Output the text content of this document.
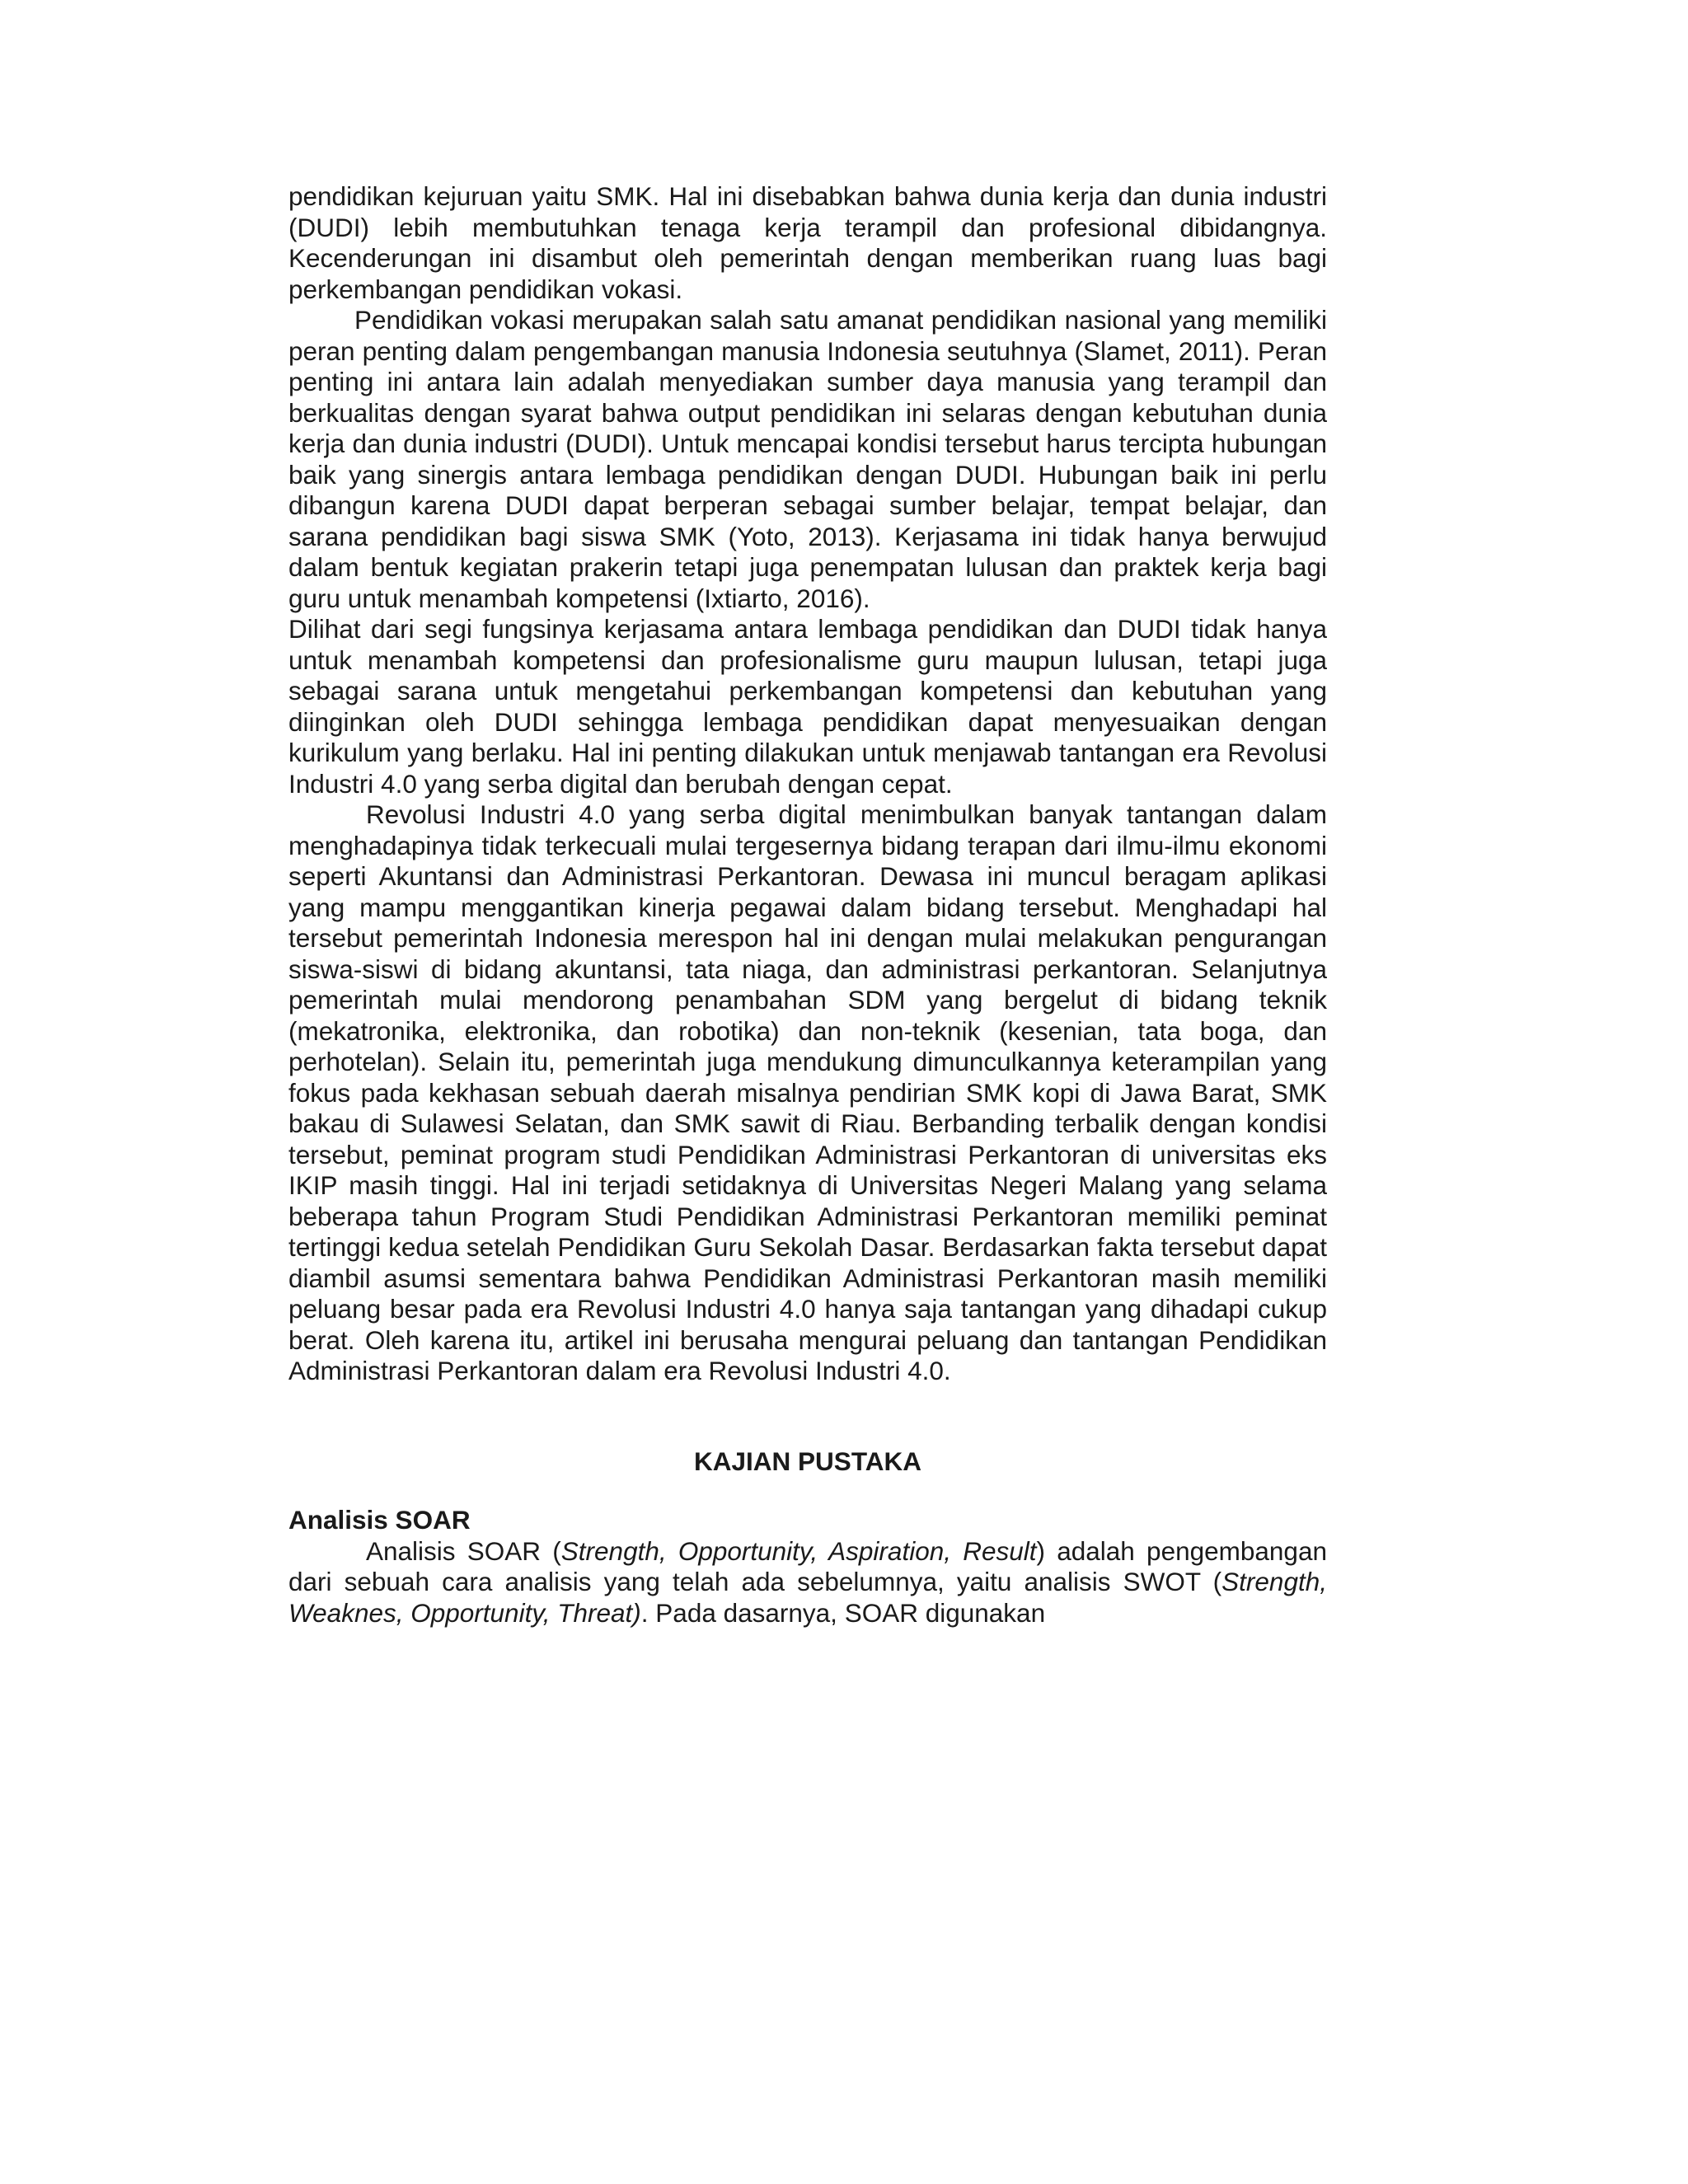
pendidikan kejuruan yaitu SMK. Hal ini disebabkan bahwa dunia kerja dan dunia industri (DUDI) lebih membutuhkan tenaga kerja terampil dan profesional dibidangnya. Kecenderungan ini disambut oleh pemerintah dengan memberikan ruang luas bagi perkembangan pendidikan vokasi.

Pendidikan vokasi merupakan salah satu amanat pendidikan nasional yang memiliki peran penting dalam pengembangan manusia Indonesia seutuhnya (Slamet, 2011). Peran penting ini antara lain adalah menyediakan sumber daya manusia yang terampil dan berkualitas dengan syarat bahwa output pendidikan ini selaras dengan kebutuhan dunia kerja dan dunia industri (DUDI). Untuk mencapai kondisi tersebut harus tercipta hubungan baik yang sinergis antara lembaga pendidikan dengan DUDI. Hubungan baik ini perlu dibangun karena DUDI dapat berperan sebagai sumber belajar, tempat belajar, dan sarana pendidikan bagi siswa SMK (Yoto, 2013). Kerjasama ini tidak hanya berwujud dalam bentuk kegiatan prakerin tetapi juga penempatan lulusan dan praktek kerja bagi guru untuk menambah kompetensi (Ixtiarto, 2016).

Dilihat dari segi fungsinya kerjasama antara lembaga pendidikan dan DUDI tidak hanya untuk menambah kompetensi dan profesionalisme guru maupun lulusan, tetapi juga sebagai sarana untuk mengetahui perkembangan kompetensi dan kebutuhan yang diinginkan oleh DUDI sehingga lembaga pendidikan dapat menyesuaikan dengan kurikulum yang berlaku. Hal ini penting dilakukan untuk menjawab tantangan era Revolusi Industri 4.0 yang serba digital dan berubah dengan cepat.

Revolusi Industri 4.0 yang serba digital menimbulkan banyak tantangan dalam menghadapinya tidak terkecuali mulai tergesernya bidang terapan dari ilmu-ilmu ekonomi seperti Akuntansi dan Administrasi Perkantoran. Dewasa ini muncul beragam aplikasi yang mampu menggantikan kinerja pegawai dalam bidang tersebut. Menghadapi hal tersebut pemerintah Indonesia merespon hal ini dengan mulai melakukan pengurangan siswa-siswi di bidang akuntansi, tata niaga, dan administrasi perkantoran. Selanjutnya pemerintah mulai mendorong penambahan SDM yang bergelut di bidang teknik (mekatronika, elektronika, dan robotika) dan non-teknik (kesenian, tata boga, dan perhotelan). Selain itu, pemerintah juga mendukung dimunculkannya keterampilan yang fokus pada kekhasan sebuah daerah misalnya pendirian SMK kopi di Jawa Barat, SMK bakau di Sulawesi Selatan, dan SMK sawit di Riau. Berbanding terbalik dengan kondisi tersebut, peminat program studi Pendidikan Administrasi Perkantoran di universitas eks IKIP masih tinggi. Hal ini terjadi setidaknya di Universitas Negeri Malang yang selama beberapa tahun Program Studi Pendidikan Administrasi Perkantoran memiliki peminat tertinggi kedua setelah Pendidikan Guru Sekolah Dasar. Berdasarkan fakta tersebut dapat diambil asumsi sementara bahwa Pendidikan Administrasi Perkantoran masih memiliki peluang besar pada era Revolusi Industri 4.0 hanya saja tantangan yang dihadapi cukup berat. Oleh karena itu, artikel ini berusaha mengurai peluang dan tantangan Pendidikan Administrasi Perkantoran dalam era Revolusi Industri 4.0.

KAJIAN PUSTAKA
Analisis SOAR

Analisis SOAR (Strength, Opportunity, Aspiration, Result) adalah pengembangan dari sebuah cara analisis yang telah ada sebelumnya, yaitu analisis SWOT (Strength, Weaknes, Opportunity, Threat). Pada dasarnya, SOAR digunakan
